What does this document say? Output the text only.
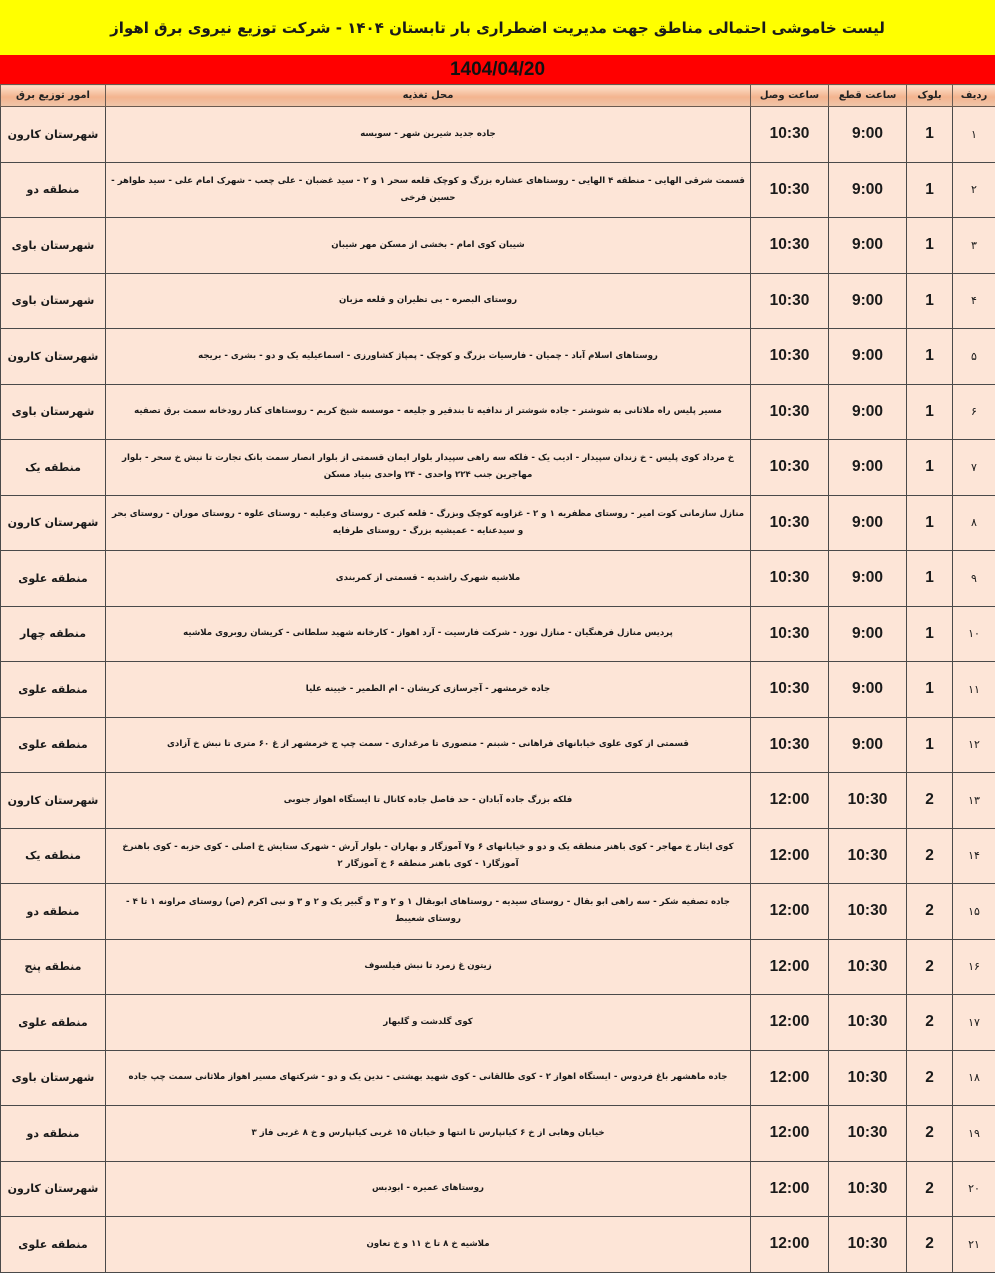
لیست خاموشی احتمالی مناطق جهت مدیریت اضطراری بار تابستان ۱۴۰۴ - شرکت توزیع نیروی برق اهواز
1404/04/20
ردیف	بلوک	ساعت قطع	ساعت وصل	محل تغذیه	امور توزیع برق
۱	1	9:00	10:30	جاده جدید شیرین شهر - سویسه	شهرستان کارون
۲	1	9:00	10:30	قسمت شرقی الهایی - منطقه ۴ الهایی - روستاهای عشاره بزرگ و کوچک قلعه سحر ۱ و ۲ - سید غضبان - علی چعب - شهرک امام علی - سید طواهر - حسین فرخی	منطقه دو
۳	1	9:00	10:30	شیبان کوی امام - بخشی از مسکن مهر شیبان	شهرستان باوی
۴	1	9:00	10:30	روستای البصره - بی تظیران و قلعه مزبان	شهرستان باوی
۵	1	9:00	10:30	روستاهای اسلام آباد - چمیان - فارسیات بزرگ و کوچک - پمپاژ کشاورزی - اسماعیلیه یک و دو - بشری - بریجه	شهرستان کارون
۶	1	9:00	10:30	مسیر پلیس راه ملاثانی به شوشتر - جاده شوشتر از ندافیه تا بندقیر و جلیعه - موسسه شیخ کریم - روستاهای کنار رودخانه سمت برق تصفیه	شهرستان باوی
۷	1	9:00	10:30	خ مرداد کوی پلیس - خ زندان سپیدار - ادیب یک - فلکه سه راهی سپیدار بلوار ایمان قسمتی از بلوار انصار سمت بانک تجارت تا نبش خ سحر - بلوار مهاجرین جنب ۲۲۴ واحدی - ۲۴ واحدی بنیاد مسکن	منطقه یک
۸	1	9:00	10:30	منازل سازمانی کوت امیر - روستای مظفریه ۱ و ۲ - غزاویه کوچک وبزرگ - قلعه کبری - روستای وعیلیه - روستای علوه - روستای موران - روستای بحر و سیدعنایه - عمیشیه بزرگ - روستای طرفایه	شهرستان کارون
۹	1	9:00	10:30	ملاشیه شهرک راشدیه - قسمتی از کمربندی	منطقه علوی
۱۰	1	9:00	10:30	پردیس منازل فرهنگیان - منازل نورد - شرکت فارسیت - آرد اهواز - کارخانه شهید سلطانی - کریشان روبروی ملاشیه	منطقه چهار
۱۱	1	9:00	10:30	جاده خرمشهر - آجرسازی کریشان - ام الطمیر - خیینه علیا	منطقه علوی
۱۲	1	9:00	10:30	قسمتی از کوی علوی خیابانهای فراهانی - شبنم - منصوری تا مرغداری - سمت چپ ج خرمشهر از غ ۶۰ متری تا نبش خ آزادی	منطقه علوی
۱۳	2	10:30	12:00	فلکه بزرگ جاده آبادان - حد فاصل جاده کانال تا ایستگاه اهواز جنوبی	شهرستان کارون
۱۴	2	10:30	12:00	کوی ایثار خ مهاجر - کوی باهنر منطقه یک و دو و خیابانهای ۶ و۷ آموزگار و بهاران - بلوار آرش - شهرک ستایش خ اصلی - کوی حزبه - کوی باهنرخ آموزگار۱ - کوی باهنر منطقه ۶ خ آموزگار ۲	منطقه یک
۱۵	2	10:30	12:00	جاده تصفیه شکر - سه راهی ابو بقال - روستای سیدیه - روستاهای ابوبقال ۱ و ۲ و ۳ و گبیر یک و ۲ و ۳ و نبی اکرم (ص) روستای مراونه ۱ تا ۴ - روستای شعیبط	منطقه دو
۱۶	2	10:30	12:00	زیتون غ زمرد تا نبش فیلسوف	منطقه پنج
۱۷	2	10:30	12:00	کوی گلدشت و گلبهار	منطقه علوی
۱۸	2	10:30	12:00	جاده ماهشهر باغ فردوس - ایستگاه اهواز ۲ - کوی طالقانی - کوی شهید بهشتی - ندین یک و دو - شرکتهای مسیر اهواز ملاثانی سمت چپ جاده	شهرستان باوی
۱۹	2	10:30	12:00	خیابان وهابی از خ ۶ کیانپارس تا انتها و خیابان ۱۵ غربی کیانپارس و خ ۸ غربی فاز ۳	منطقه دو
۲۰	2	10:30	12:00	روستاهای عمیره - ابودبس	شهرستان کارون
۲۱	2	10:30	12:00	ملاشیه خ ۸ تا خ ۱۱ و خ تعاون	منطقه علوی
